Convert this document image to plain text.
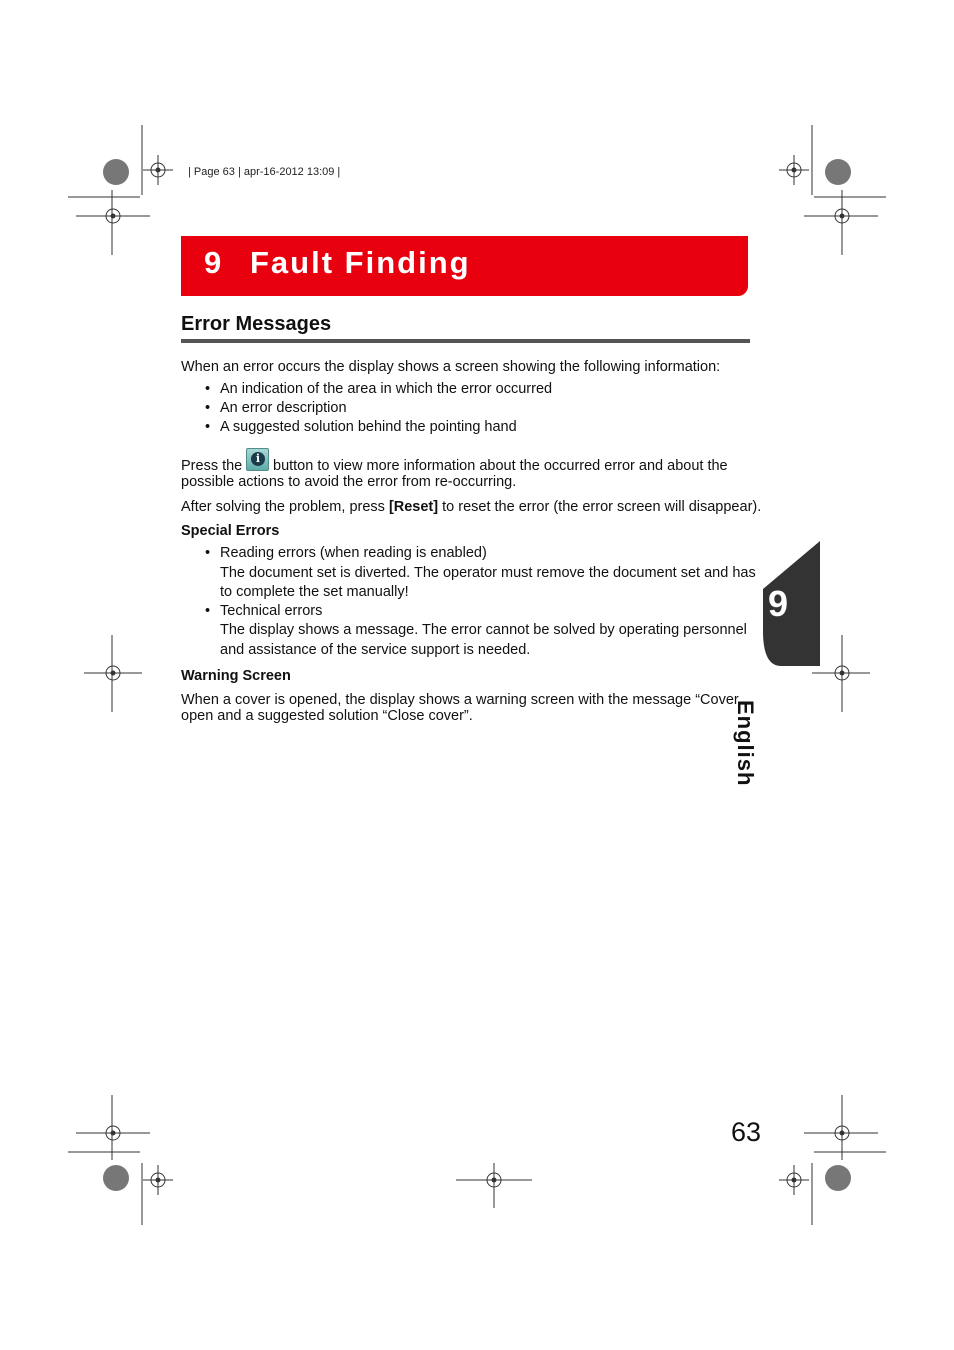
| Page 63 | apr-16-2012 13:09 |
9 Fault Finding
Error Messages
When an error occurs the display shows a screen showing the following information:
• An indication of the area in which the error occurred
• An error description
• A suggested solution behind the pointing hand
Press the	i button to view more information about the occurred error and about the
possible actions to avoid the error from re-occurring.
After solving the problem, press [Reset] to reset the error (the error screen will disappear).
Special Errors
• Reading errors (when reading is enabled)
The document set is diverted. The operator must remove the document set and has
to complete the set manually!
• Technical errors
The display shows a message. The error cannot be solved by operating personnel
and assistance of the service support is needed.
Warning Screen
When a cover is opened, the display shows a warning screen with the message “Cover
open and a suggested solution “Close cover”.
9
English
63
